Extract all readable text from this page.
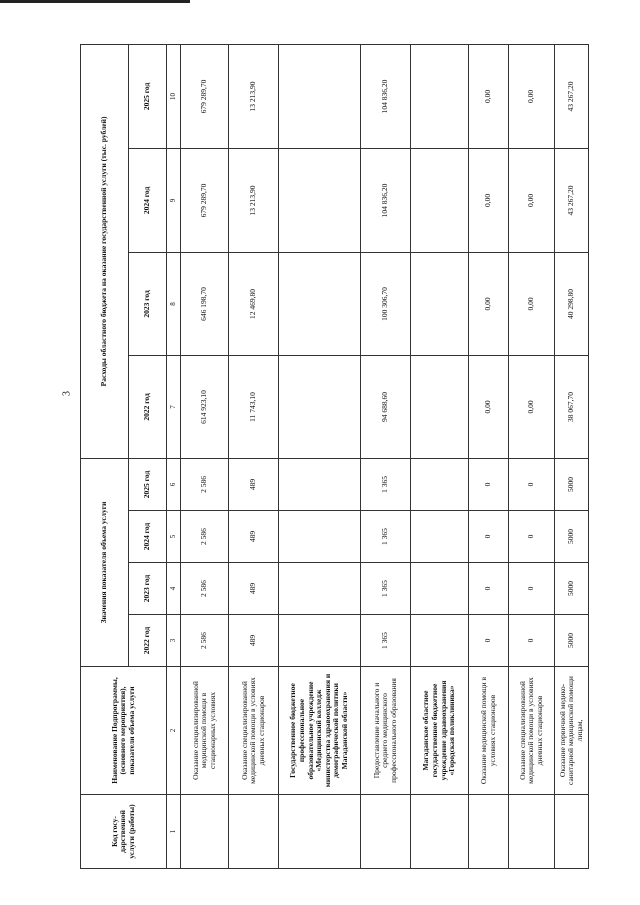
3
Код госу-дарственной услуги (работы)	Наименование Подпрограммы, (основного мероприятия), показатели объема услуги	Значения показателя объема услуги				Расходы областного бюджета на оказание государственной услуги (тыс. рублей)			
		2022 год	2023 год	2024 год	2025 год	2022 год	2023 год	2024 год	2025 год
1	2	3	4	5	6	7	8	9	10
	Оказание специализированной медицинской помощи в стационарных условиях	2 586	2 586	2 586	2 586	614 923,10	646 198,70	679 289,70	679 289,70
	Оказание специализированной медицинской помощи в условиях дневных стационаров	489	489	489	489	11 743,10	12 469,80	13 213,90	13 213,90
	Государственное бюджетное профессиональное образовательное учреждение «Медицинский колледж министерства здравоохранения и демографической политики Магаданской области»								
	Предоставление начального и среднего медицинского профессионального образования	1 365	1 365	1 365	1 365	94 688,60	100 306,70	104 836,20	104 836,20
	Магаданское областное государственное бюджетное учреждение здравоохранения «Городская поликлиника»								
	Оказание медицинской помощи в условиях стационаров	0	0	0	0	0,00	0,00	0,00	0,00
	Оказание специализированной медицинской помощи в условиях дневных стационаров	0	0	0	0	0,00	0,00	0,00	0,00
	Оказание первичной медико-санитарной медицинской помощи лицам,	5000	5000	5000	5000	38 067,70	40 298,80	43 267,20	43 267,20
